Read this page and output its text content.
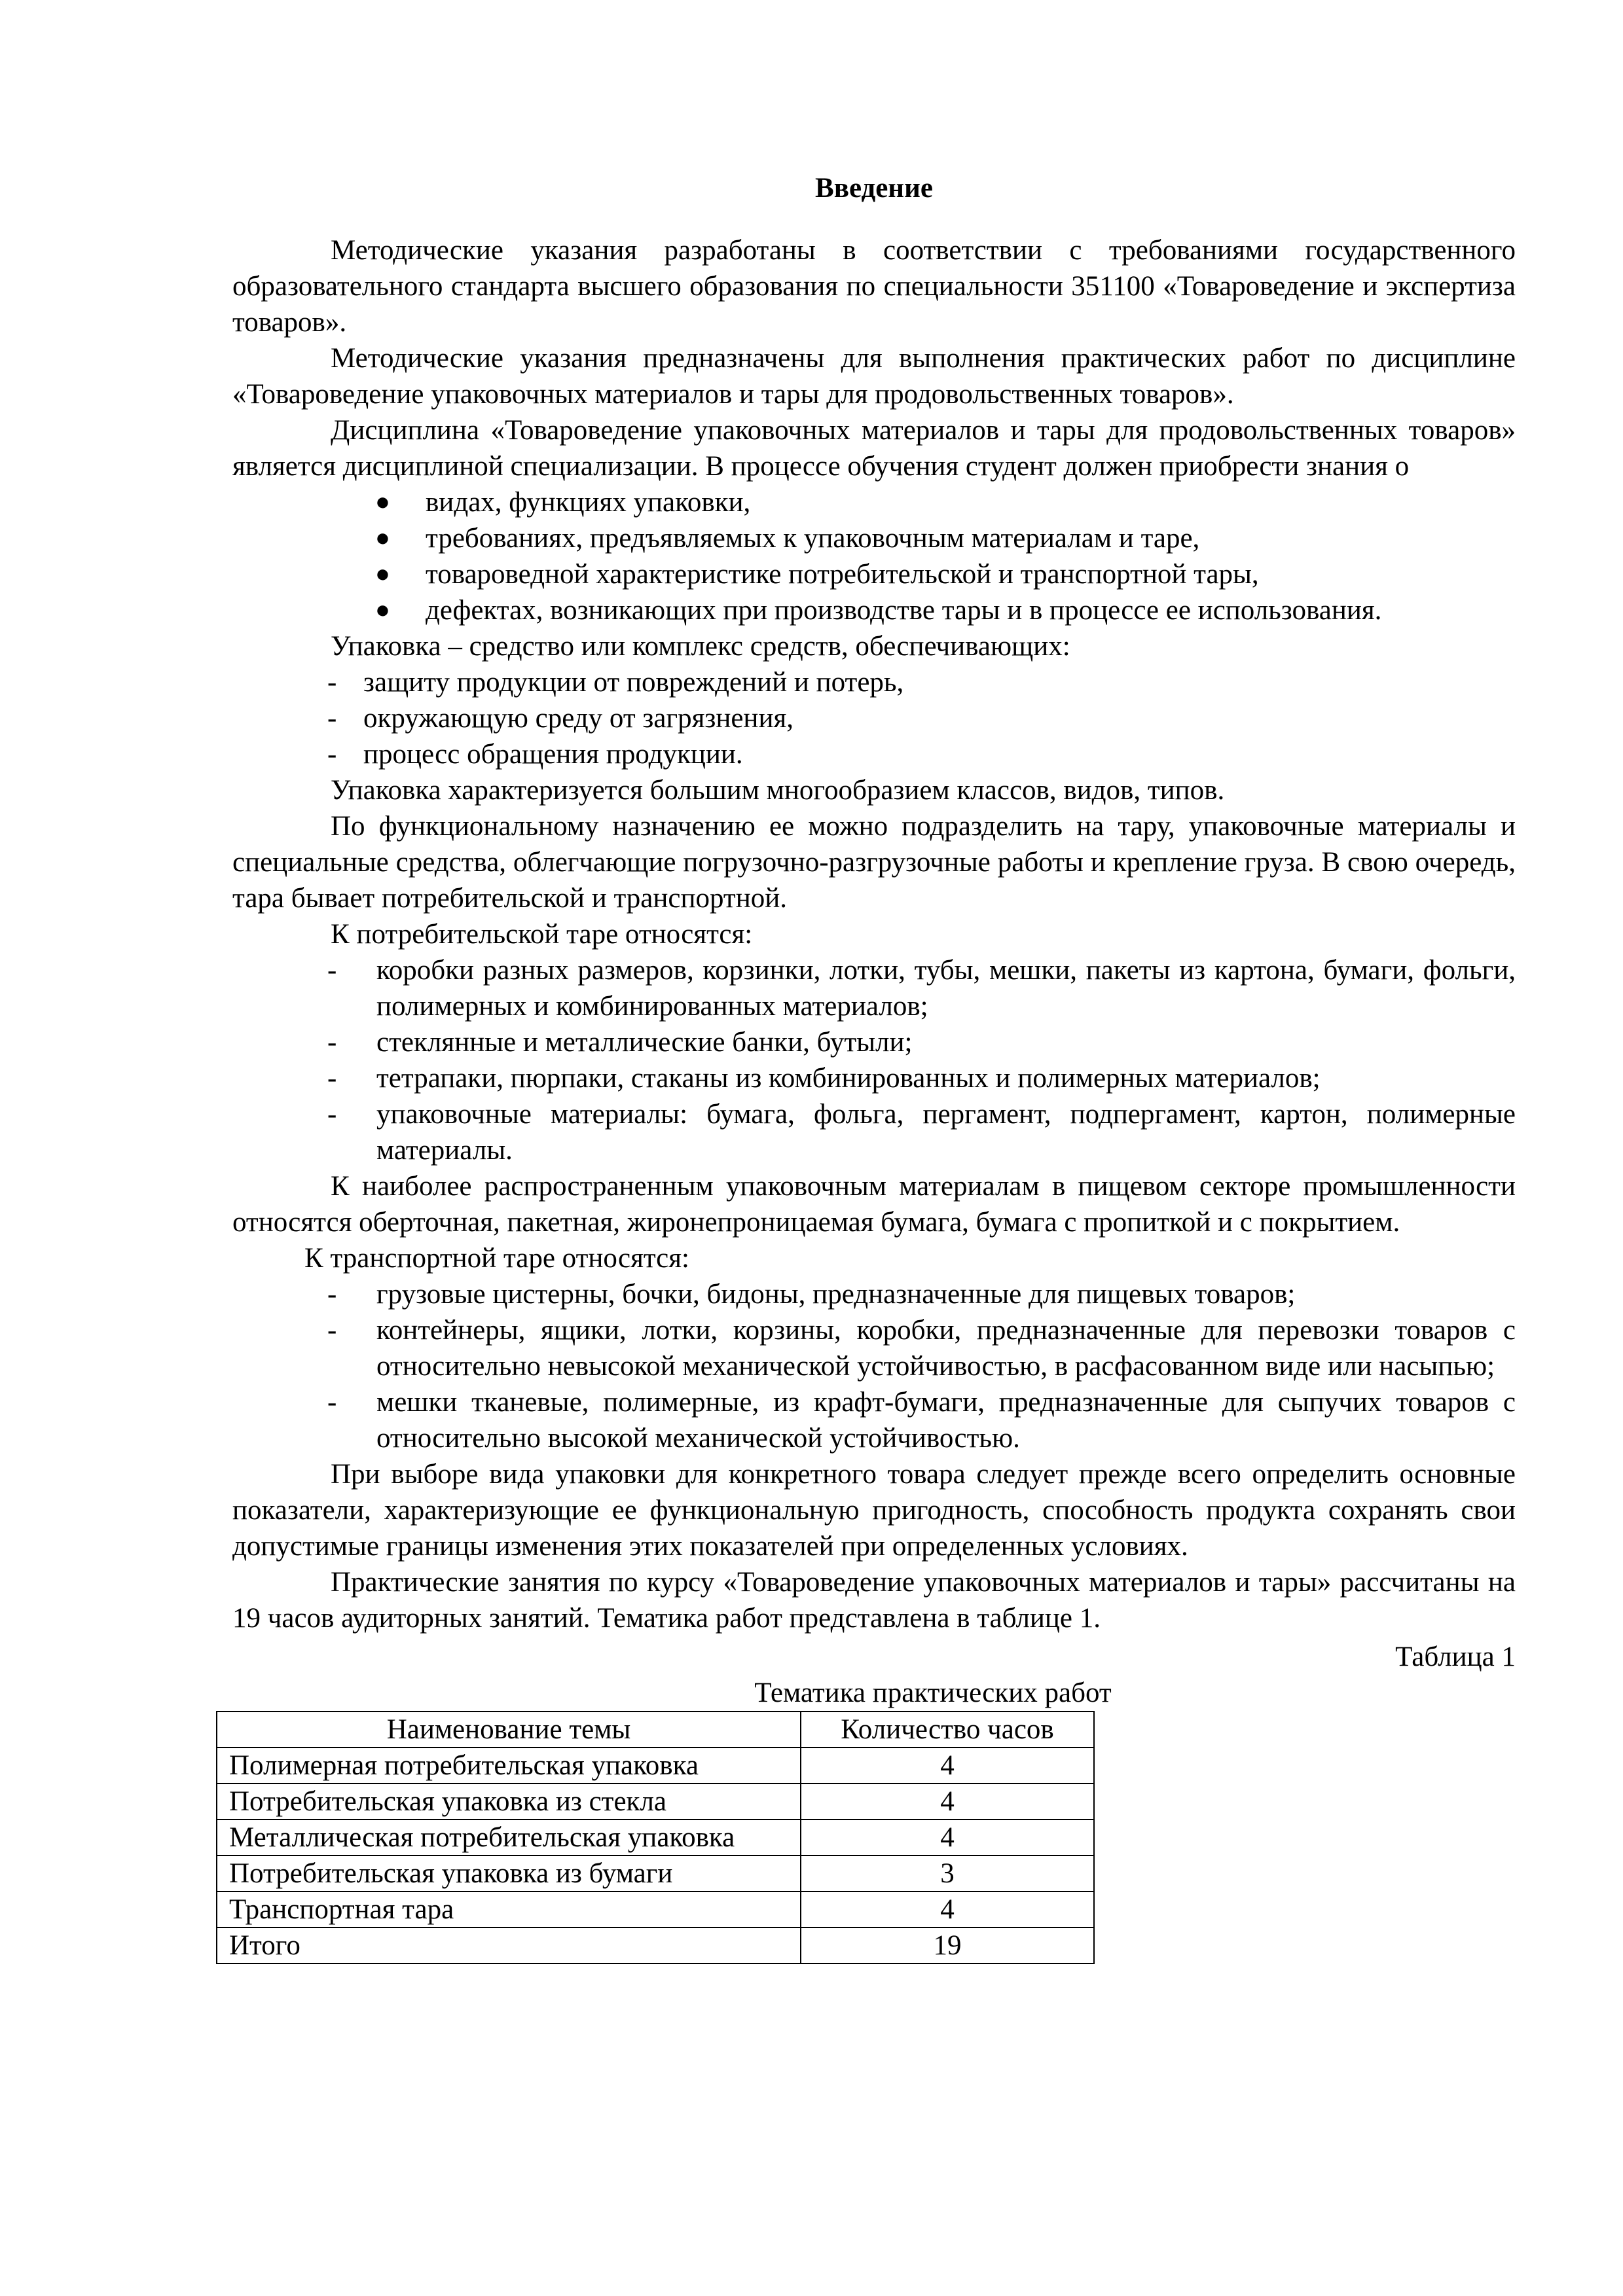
Введение

Методические указания разработаны в соответствии с требованиями государственного образовательного стандарта высшего образования по специальности 351100 «Товароведение и экспертиза товаров».

Методические указания предназначены для выполнения практических работ по дисциплине «Товароведение упаковочных материалов и тары для продовольственных товаров».

Дисциплина «Товароведение упаковочных материалов и тары для продовольственных товаров» является дисциплиной специализации. В процессе обучения студент должен приобрести знания о

● видах, функциях упаковки,
● требованиях, предъявляемых к упаковочным материалам и таре,
● товароведной характеристике потребительской и транспортной тары,
● дефектах, возникающих при производстве тары и в процессе ее использования.

Упаковка – средство или комплекс средств, обеспечивающих:

- защиту продукции от повреждений и потерь,
- окружающую среду от загрязнения,
- процесс обращения продукции.

Упаковка характеризуется большим многообразием классов, видов, типов.

По функциональному назначению ее можно подразделить на тару, упаковочные материалы и специальные средства, облегчающие погрузочно-разгрузочные работы и крепление груза. В свою очередь, тара бывает потребительской и транспортной.

К потребительской таре относятся:

- коробки разных размеров, корзинки, лотки, тубы, мешки, пакеты из картона, бумаги, фольги, полимерных и комбинированных материалов;
- стеклянные и металлические банки, бутыли;
- тетрапаки, пюрпаки, стаканы из комбинированных и полимерных материалов;
- упаковочные материалы: бумага, фольга, пергамент, подпергамент, картон, полимерные материалы.

К наиболее распространенным упаковочным материалам в пищевом секторе промышленности относятся оберточная, пакетная, жиронепроницаемая бумага, бумага с пропиткой и с покрытием.

К транспортной таре относятся:

- грузовые цистерны, бочки, бидоны, предназначенные для пищевых товаров;
- контейнеры, ящики, лотки, корзины, коробки, предназначенные для перевозки товаров с относительно невысокой механической устойчивостью, в расфасованном виде или насыпью;
- мешки тканевые, полимерные, из крафт-бумаги, предназначенные для сыпучих товаров с относительно высокой механической устойчивостью.

При выборе вида упаковки для конкретного товара следует прежде всего определить основные показатели, характеризующие ее функциональную пригодность, способность продукта сохранять свои допустимые границы изменения этих показателей при определенных условиях.

Практические занятия по курсу «Товароведение упаковочных материалов и тары» рассчитаны на 19 часов аудиторных занятий. Тематика работ представлена в таблице 1.

Таблица 1
Тематика практических работ
Наименование темы	Количество часов
Полимерная потребительская упаковка	4
Потребительская упаковка из стекла	4
Металлическая потребительская упаковка	4
Потребительская упаковка из бумаги	3
Транспортная тара	4
Итого	19
